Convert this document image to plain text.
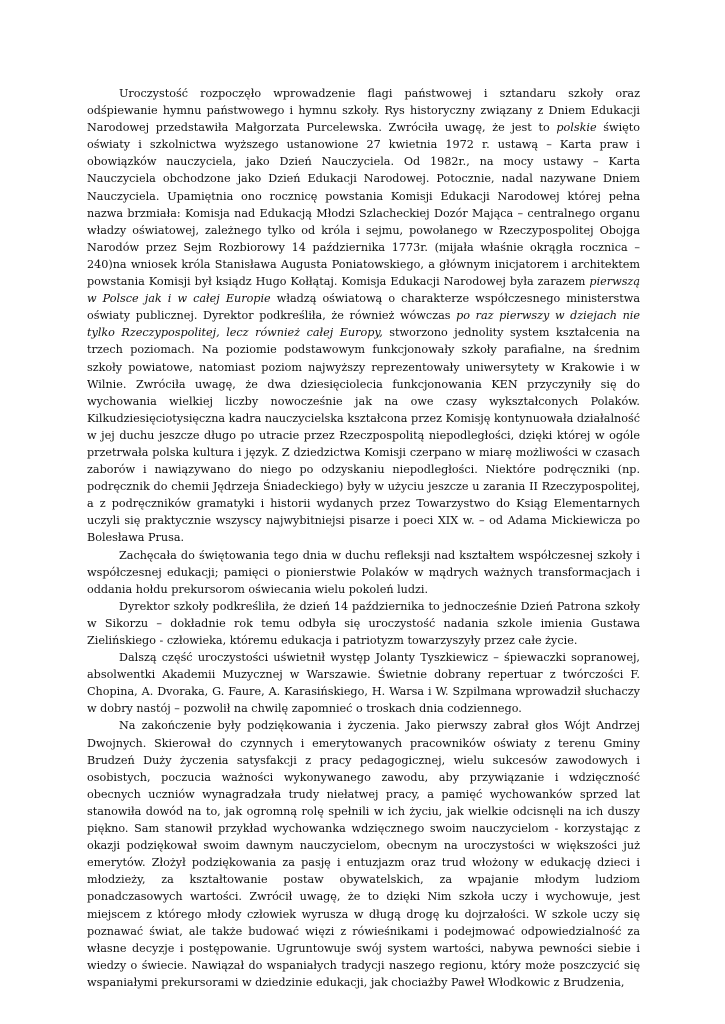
Uroczystość rozpoczęło wprowadzenie flagi państwowej i sztandaru szkoły oraz odśpiewanie hymnu państwowego i hymnu szkoły. Rys historyczny związany z Dniem Edukacji Narodowej przedstawiła Małgorzata Purcelewska. Zwróciła uwagę, że jest to polskie święto oświaty i szkolnictwa wyższego ustanowione 27 kwietnia 1972 r. ustawą – Karta praw i obowiązków nauczyciela, jako Dzień Nauczyciela. Od 1982r., na mocy ustawy – Karta Nauczyciela obchodzone jako Dzień Edukacji Narodowej. Potocznie, nadal nazywane Dniem Nauczyciela. Upamiętnia ono rocznicę powstania Komisji Edukacji Narodowej której pełna nazwa brzmiała: Komisja nad Edukacją Młodzi Szlacheckiej Dozór Mająca – centralnego organu władzy oświatowej, zależnego tylko od króla i sejmu, powołanego w Rzeczypospolitej Obojga Narodów przez Sejm Rozbiorowy 14 października 1773r. (mijała właśnie okrągła rocznica – 240)na wniosek króla Stanisława Augusta Poniatowskiego, a głównym inicjatorem i architektem powstania Komisji był ksiądz Hugo Kołłątaj. Komisja Edukacji Narodowej była zarazem pierwszą w Polsce jak i w całej Europie władzą oświatową o charakterze współczesnego ministerstwa oświaty publicznej. Dyrektor podkreśliła, że również wówczas po raz pierwszy w dziejach nie tylko Rzeczypospolitej, lecz również całej Europy, stworzono jednolity system kształcenia na trzech poziomach. Na poziomie podstawowym funkcjonowały szkoły parafialne, na średnim szkoły powiatowe, natomiast poziom najwyższy reprezentowały uniwersytety w Krakowie i w Wilnie. Zwróciła uwagę, że dwa dziesięciolecia funkcjonowania KEN przyczyniły się do wychowania wielkiej liczby nowocześnie jak na owe czasy wykształconych Polaków. Kilkudziesięciotysięczna kadra nauczycielska kształcona przez Komisję kontynuowała działalność w jej duchu jeszcze długo po utracie przez Rzeczpospolitą niepodległości, dzięki której w ogóle przetrwała polska kultura i język. Z dziedzictwa Komisji czerpano w miarę możliwości w czasach zaborów i nawiązywano do niego po odzyskaniu niepodległości. Niektóre podręczniki (np. podręcznik do chemii Jędrzeja Śniadeckiego) były w użyciu jeszcze u zarania II Rzeczypospolitej, a z podręczników gramatyki i historii wydanych przez Towarzystwo do Ksiąg Elementarnych uczyli się praktycznie wszyscy najwybitniejsi pisarze i poeci XIX w. – od Adama Mickiewicza po Bolesława Prusa.

Zachęcała do świętowania tego dnia w duchu refleksji nad kształtem współczesnej szkoły i współczesnej edukacji; pamięci o pionierstwie Polaków w mądrych ważnych transformacjach i oddania hołdu prekursorom oświecania wielu pokoleń ludzi.

Dyrektor szkoły podkreśliła, że dzień 14 października to jednocześnie Dzień Patrona szkoły w Sikorzu – dokładnie rok temu odbyła się uroczystość nadania szkole imienia Gustawa Zielińskiego - człowieka, któremu edukacja i patriotyzm towarzyszyły przez całe życie.

Dalszą część uroczystości uświetnił występ Jolanty Tyszkiewicz – śpiewaczki sopranowej, absolwentki Akademii Muzycznej w Warszawie. Świetnie dobrany repertuar z twórczości F. Chopina, A. Dvoraka, G. Faure, A. Karasińskiego, H. Warsa i W. Szpilmana wprowadził słuchaczy w dobry nastój – pozwolił na chwilę zapomnieć o troskach dnia codziennego.

Na zakończenie były podziękowania i życzenia. Jako pierwszy zabrał głos Wójt Andrzej Dwojnych. Skierował do czynnych i emerytowanych pracowników oświaty z terenu Gminy Brudzeń Duży życzenia satysfakcji z pracy pedagogicznej, wielu sukcesów zawodowych i osobistych, poczucia ważności wykonywanego zawodu, aby przywiązanie i wdzięczność obecnych uczniów wynagradzała trudy niełatwej pracy, a pamięć wychowanków sprzed lat stanowiła dowód na to, jak ogromną rolę spełnili w ich życiu, jak wielkie odcisnęli na ich duszy piękno. Sam stanowił przykład wychowanka wdzięcznego swoim nauczycielom - korzystając z okazji podziękował swoim dawnym nauczycielom, obecnym na uroczystości w większości już emerytów. Złożył podziękowania za pasję i entuzjazm oraz trud włożony w edukację dzieci i młodzieży, za kształtowanie postaw obywatelskich, za wpajanie młodym ludziom ponadczasowych wartości. Zwrócił uwagę, że to dzięki Nim szkoła uczy i wychowuje, jest miejscem z którego młody człowiek wyrusza w długą drogę ku dojrzałości. W szkole uczy się poznawać świat, ale także budować więzi z rówieśnikami i podejmować odpowiedzialność za własne decyzje i postępowanie. Ugruntowuje swój system wartości, nabywa pewności siebie i wiedzy o świecie. Nawiązał do wspaniałych tradycji naszego regionu, który może poszczycić się wspaniałymi prekursorami w dziedzinie edukacji, jak chociażby Paweł Włodkowic z Brudzenia,
